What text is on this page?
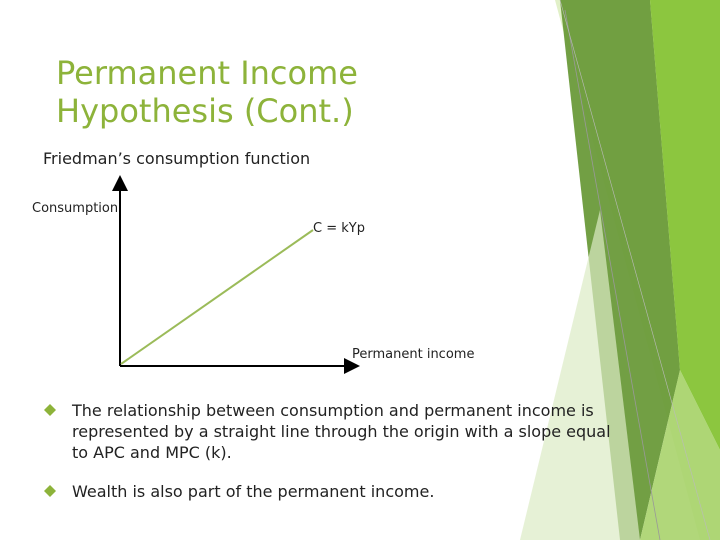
Permanent Income
Hypothesis (Cont.)
Friedman’s consumption function
Consumption
Permanent income
C = kYp
The relationship between consumption and permanent income is represented by a straight line through the origin with a slope equal to APC and MPC (k).
Wealth is also part of the permanent income.
